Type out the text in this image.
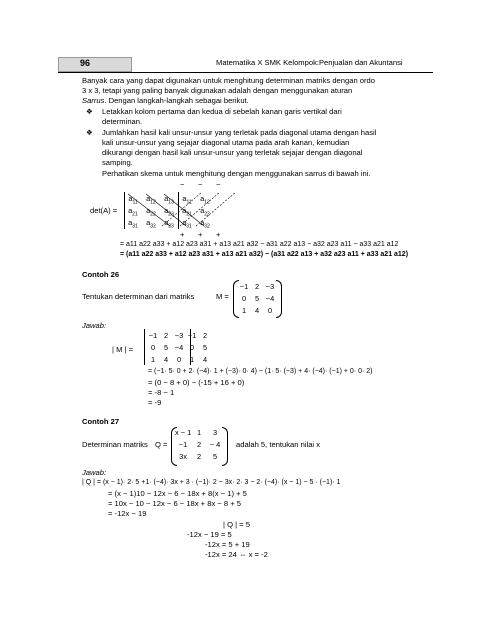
96	Matematika X SMK Kelompok:Penjualan dan Akuntansi
Banyak cara yang dapat digunakan untuk menghitung determinan matriks dengan ordo
3 x 3, tetapi yang paling banyak digunakan adalah dengan menggunakan aturan
Sarrus. Dengan langkah-langkah sebagai berikut.
❖ Letakkan kolom pertama dan kedua di sebelah kanan garis vertikal dari
determinan.
❖ Jumlahkan hasil kali unsur-unsur yang terletak pada diagonal utama dengan hasil
kali unsur-unsur yang sejajar diagonal utama pada arah kanan, kemudian
dikurangi dengan hasil kali unsur-unsur yang terletak sejajar dengan diagonal
samping.
Perhatikan skema untuk menghitung dengan menggunakan sarrus di bawah ini.
det(A) =
− − −
$a_{11}$	$a_{12}$ $a_{13}$	$a_{11}$	$a_{12}$
$a_{21}$ $a_{22}$ $a_{23}$ $a_{21}$ $a_{22}$
$a_{31}$ $a_{32}$ $a_{33}$ $a_{31}$ $a_{32}$
+ + +
= a11 a22 a33 + a12 a23 a31 + a13 a21 a32 − a31 a22 a13 − a32 a23 a11 − a33 a21 a12
= (a11 a22 a33 + a12 a23 a31 + a13 a21 a32) − (a31 a22 a13 + a32 a23 a11 + a33 a21 a12)
Contoh 26
Tentukan determinan dari matriks	M =
−1 2 −3
0	5 −4
1	4	0
Jawab:
| M | =
−1 2 −3 −1 2
0	5 −4 0	5
1	4	0	1	4
= (−1· 5· 0 + 2· (−4)· 1 + (−3)· 0· 4) − (1· 5· (−3) + 4· (−4)· (−1) + 0· 0· 2)
= (0 − 8 + 0) − (-15 + 16 + 0)
= -8 − 1
= -9
Contoh 27
Determinan matriks Q =
x − 1 1	3
−1	2	− 4
3x	2	5
adalah 5, tentukan nilai x
Jawab:
| Q | = (x − 1)· 2· 5 +1· (−4)· 3x + 3 · (−1)· 2 − 3x· 2· 3 − 2· (−4)· (x − 1) − 5 · (−1)· 1
= (x − 1)10 − 12x − 6 − 18x + 8(x − 1) + 5
= 10x − 10 − 12x − 6 − 18x + 8x − 8 + 5
= -12x − 19
| Q | = 5
-12x − 19 = 5
-12x = 5 + 19
-12x = 24 ⇔ x = -2
